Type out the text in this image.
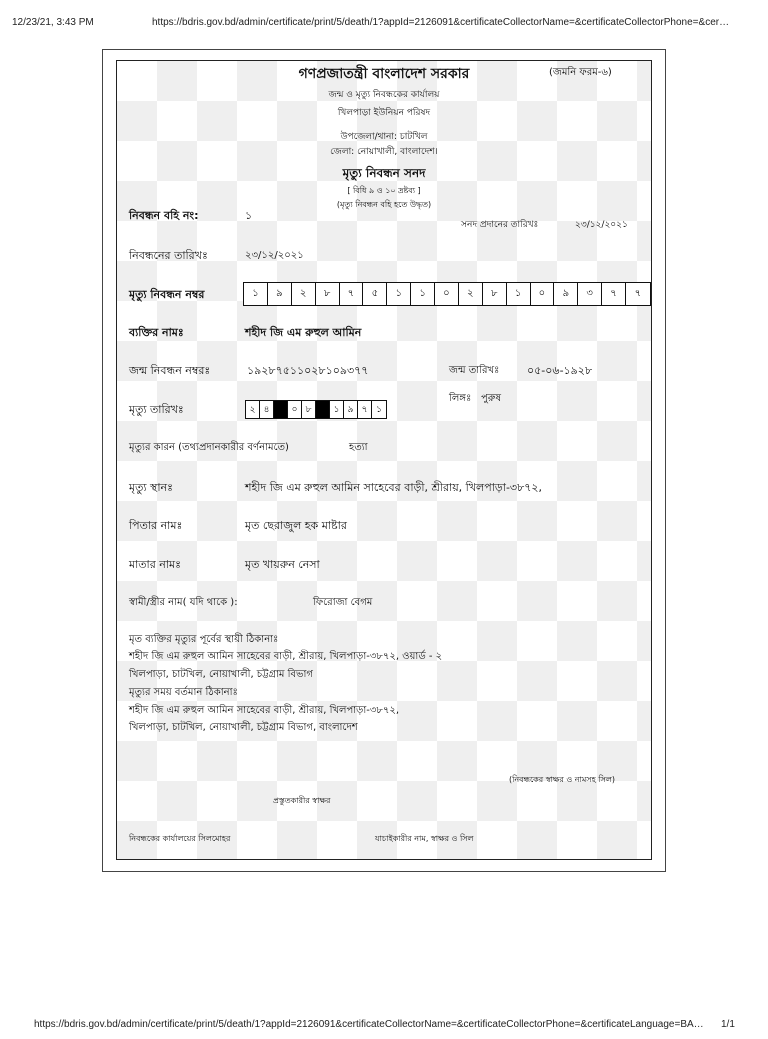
12/23/21, 3:43 PM	https://bdris.gov.bd/admin/certificate/print/5/death/1?appId=2126091&certificateCollectorName=&certificateCollectorPhone=&cer…
গণপ্রজাতন্ত্রী বাংলাদেশ সরকার	(জমনি ফরম-৬)
জন্ম ও মৃত্যু নিবন্ধকের কার্যালয়
খিলপাড়া ইউনিয়ন পরিষদ
উপজেলা/থানা: চাটখিল
জেলা: নোয়াখালী, বাংলাদেশ।
মৃত্যু নিবন্ধন সনদ
[ বিধি ৯ ও ১০ দ্রষ্টব্য ]
(মৃত্যু নিবন্ধন বহি হতে উদ্ধৃত)
নিবন্ধন বহি নং:	১
সনদ প্রদানের তারিখঃ	২৩/১২/২০২১
নিবন্ধনের তারিখঃ	২৩/১২/২০২১
মৃত্যু নিবন্ধন নম্বর	১	৯	২	৮	৭	৫	১	১	০	২	৮	১	০	৯	৩	৭	৭
ব্যক্তির নামঃ	শহীদ জি এম রুহুল আমিন
জন্ম নিবন্ধন নম্বরঃ	১৯২৮৭৫১১০২৮১০৯৩৭৭	জন্ম তারিখঃ	০৫-০৬-১৯২৮
মৃত্যু তারিখঃ	২ ৪	০ ৮	১ ৯ ৭ ১
লিঙ্গঃ পুরুষ
মৃত্যুর কারন (তথ্যপ্রদানকারীর বর্ণনামতে)	হত্যা
মৃত্যু স্থানঃ	শহীদ জি এম রুহুল আমিন সাহেবের বাড়ী, শ্রীরায়, খিলপাড়া-৩৮৭২,
পিতার নামঃ	মৃত ছেরাজুল হক মাষ্টার
মাতার নামঃ	মৃত খায়রুন নেসা
স্বামী/স্ত্রীর নাম( যদি থাকে ):	ফিরোজা বেগম
মৃত ব্যক্তির মৃত্যুর পূর্বের স্থায়ী ঠিকানাঃ
শহীদ জি এম রুহুল আমিন সাহেবের বাড়ী, শ্রীরায়, খিলপাড়া-৩৮৭২, ওয়ার্ড - ২
খিলপাড়া, চাটখিল, নোয়াখালী, চট্টগ্রাম বিভাগ
মৃত্যুর সময় বর্তমান ঠিকানাঃ
শহীদ জি এম রুহুল আমিন সাহেবের বাড়ী, শ্রীরায়, খিলপাড়া-৩৮৭২,
খিলপাড়া, চাটখিল, নোয়াখালী, চট্টগ্রাম বিভাগ, বাংলাদেশ
(নিবন্ধকের স্বাক্ষর ও নামসহ সিল)
প্রস্তুতকারীর স্বাক্ষর
নিবন্ধকের কার্যালয়ের সিলমোহর	যাচাইকারীর নাম, স্বাক্ষর ও সিল
https://bdris.gov.bd/admin/certificate/print/5/death/1?appId=2126091&certificateCollectorName=&certificateCollectorPhone=&certificateLanguage=BA… 1/1
